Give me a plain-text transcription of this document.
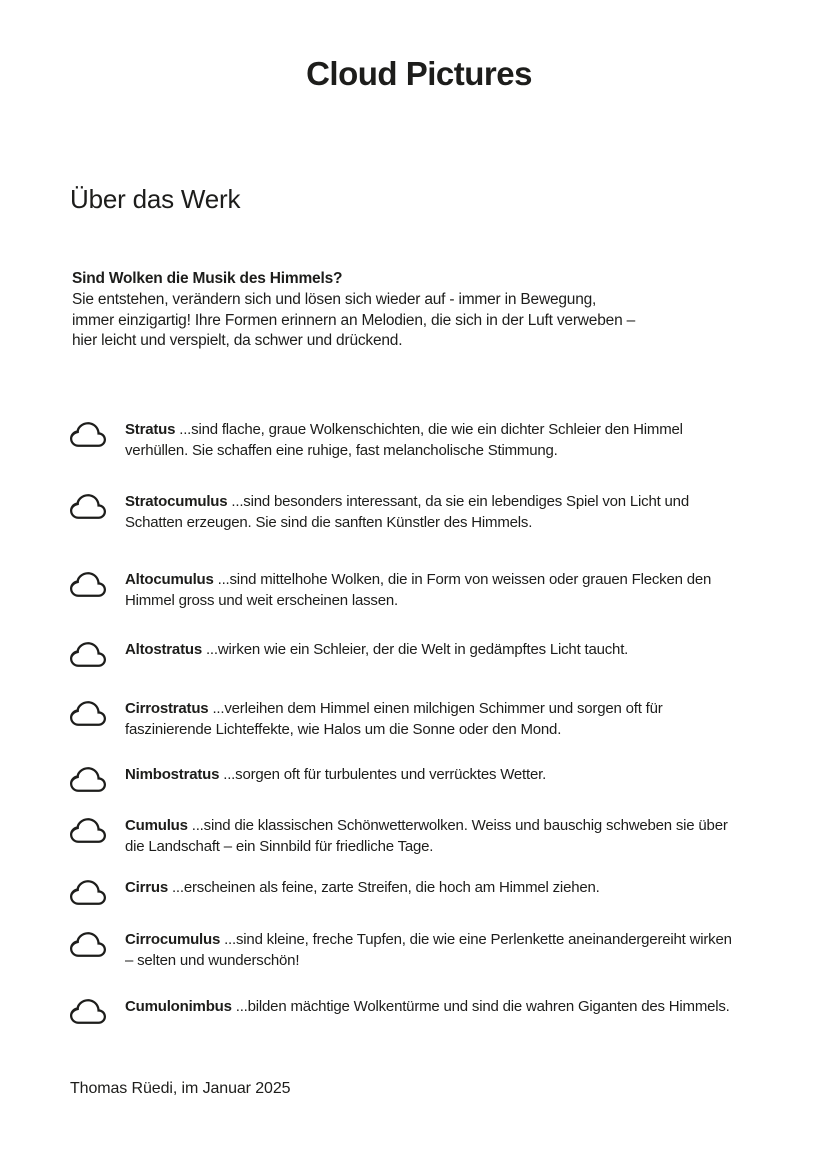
Cloud Pictures
Über das Werk
Sind Wolken die Musik des Himmels?
Sie entstehen, verändern sich und lösen sich wieder auf - immer in Bewegung,
immer einzigartig! Ihre Formen erinnern an Melodien, die sich in der Luft verweben –
hier leicht und verspielt, da schwer und drückend.

Stratus ...sind flache, graue Wolkenschichten, die wie ein dichter Schleier den Himmel verhüllen. Sie schaffen eine ruhige, fast melancholische Stimmung.

Stratocumulus ...sind besonders interessant, da sie ein lebendiges Spiel von Licht und Schatten erzeugen. Sie sind die sanften Künstler des Himmels.

Altocumulus ...sind mittelhohe Wolken, die in Form von weissen oder grauen Flecken den Himmel gross und weit erscheinen lassen.

Altostratus ...wirken wie ein Schleier, der die Welt in gedämpftes Licht taucht.

Cirrostratus ...verleihen dem Himmel einen milchigen Schimmer und sorgen oft für faszinierende Lichteffekte, wie Halos um die Sonne oder den Mond.

Nimbostratus ...sorgen oft für turbulentes und verrücktes Wetter.

Cumulus ...sind die klassischen Schönwetterwolken. Weiss und bauschig schweben sie über die Landschaft – ein Sinnbild für friedliche Tage.

Cirrus ...erscheinen als feine, zarte Streifen, die hoch am Himmel ziehen.

Cirrocumulus ...sind kleine, freche Tupfen, die wie eine Perlenkette aneinandergereiht wirken – selten und wunderschön!

Cumulonimbus ...bilden mächtige Wolkentürme und sind die wahren Giganten des Himmels.

Thomas Rüedi, im Januar 2025
